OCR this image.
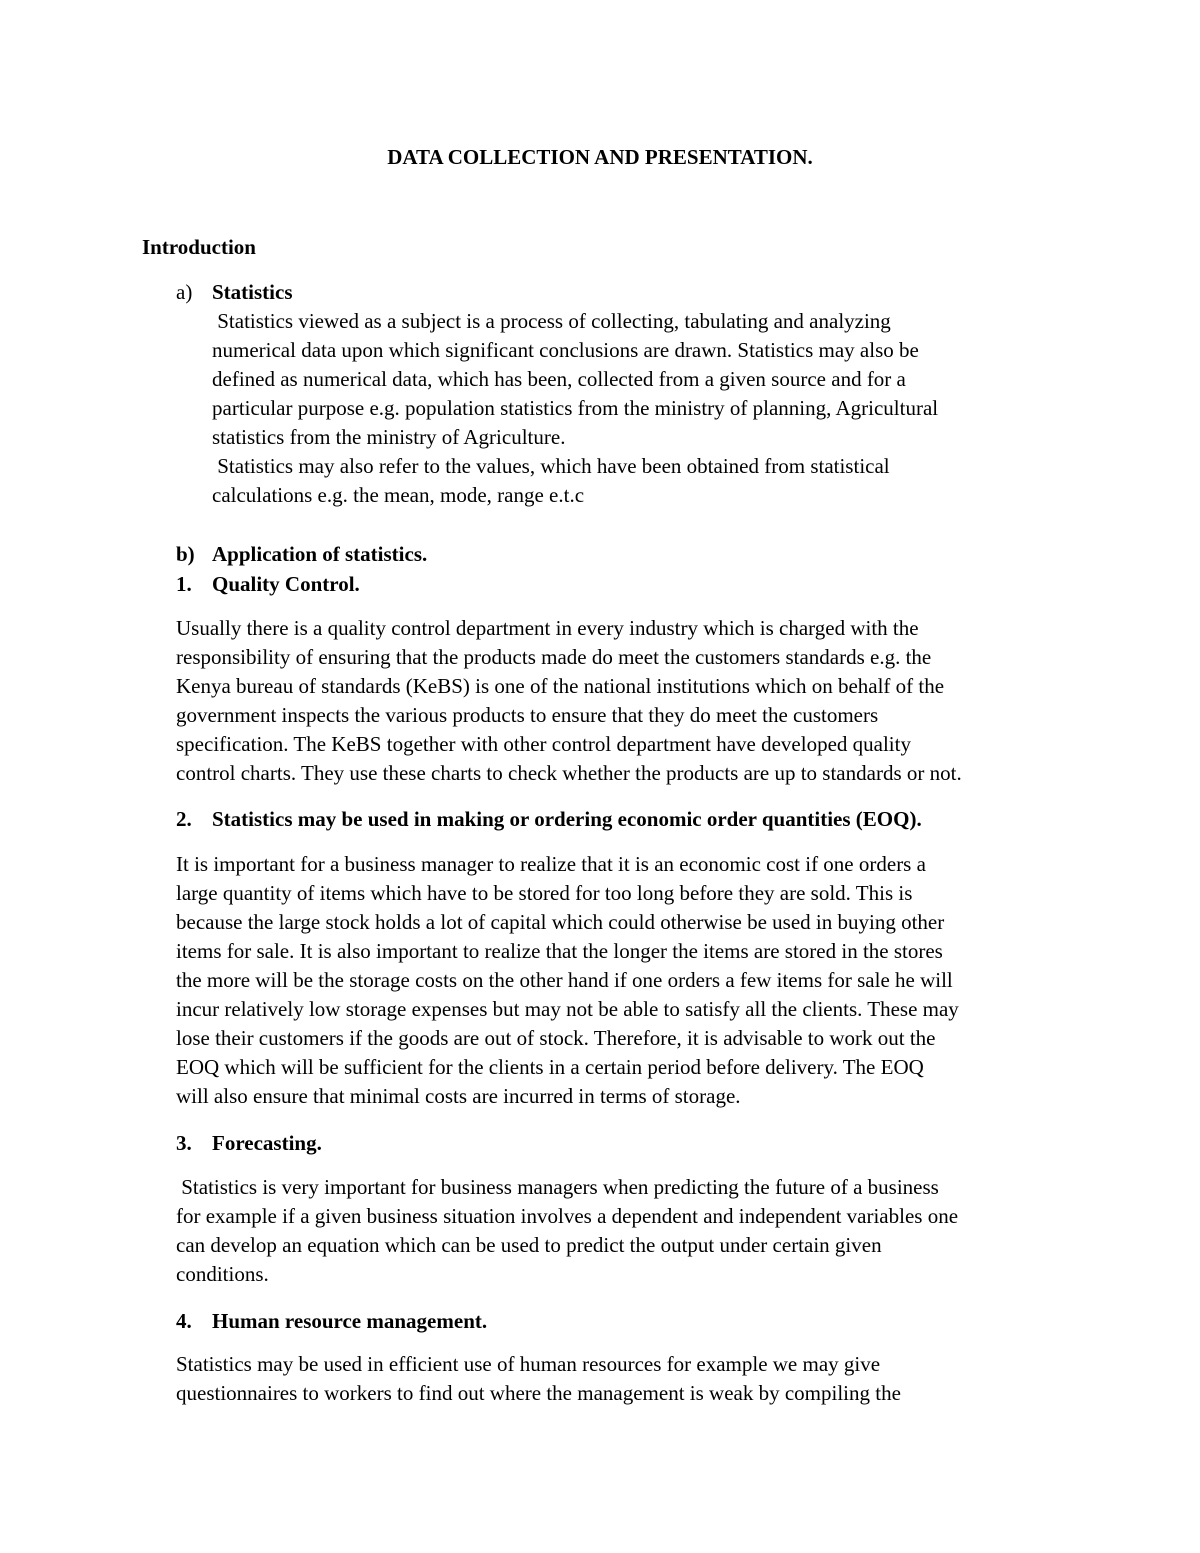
DATA COLLECTION AND PRESENTATION.
Introduction
a) Statistics
Statistics viewed as a subject is a process of collecting, tabulating and analyzing
numerical data upon which significant conclusions are drawn. Statistics may also be
defined as numerical data, which has been, collected from a given source and for a
particular purpose e.g. population statistics from the ministry of planning, Agricultural
statistics from the ministry of Agriculture.
Statistics may also refer to the values, which have been obtained from statistical
calculations e.g. the mean, mode, range e.t.c
b) Application of statistics.
1. Quality Control.
Usually there is a quality control department in every industry which is charged with the
responsibility of ensuring that the products made do meet the customers standards e.g. the
Kenya bureau of standards (KeBS) is one of the national institutions which on behalf of the
government inspects the various products to ensure that they do meet the customers
specification. The KeBS together with other control department have developed quality
control charts. They use these charts to check whether the products are up to standards or not.
2. Statistics may be used in making or ordering economic order quantities (EOQ).
It is important for a business manager to realize that it is an economic cost if one orders a
large quantity of items which have to be stored for too long before they are sold. This is
because the large stock holds a lot of capital which could otherwise be used in buying other
items for sale. It is also important to realize that the longer the items are stored in the stores
the more will be the storage costs on the other hand if one orders a few items for sale he will
incur relatively low storage expenses but may not be able to satisfy all the clients. These may
lose their customers if the goods are out of stock. Therefore, it is advisable to work out the
EOQ which will be sufficient for the clients in a certain period before delivery. The EOQ
will also ensure that minimal costs are incurred in terms of storage.
3. Forecasting.
Statistics is very important for business managers when predicting the future of a business
for example if a given business situation involves a dependent and independent variables one
can develop an equation which can be used to predict the output under certain given
conditions.
4. Human resource management.
Statistics may be used in efficient use of human resources for example we may give
questionnaires to workers to find out where the management is weak by compiling the
